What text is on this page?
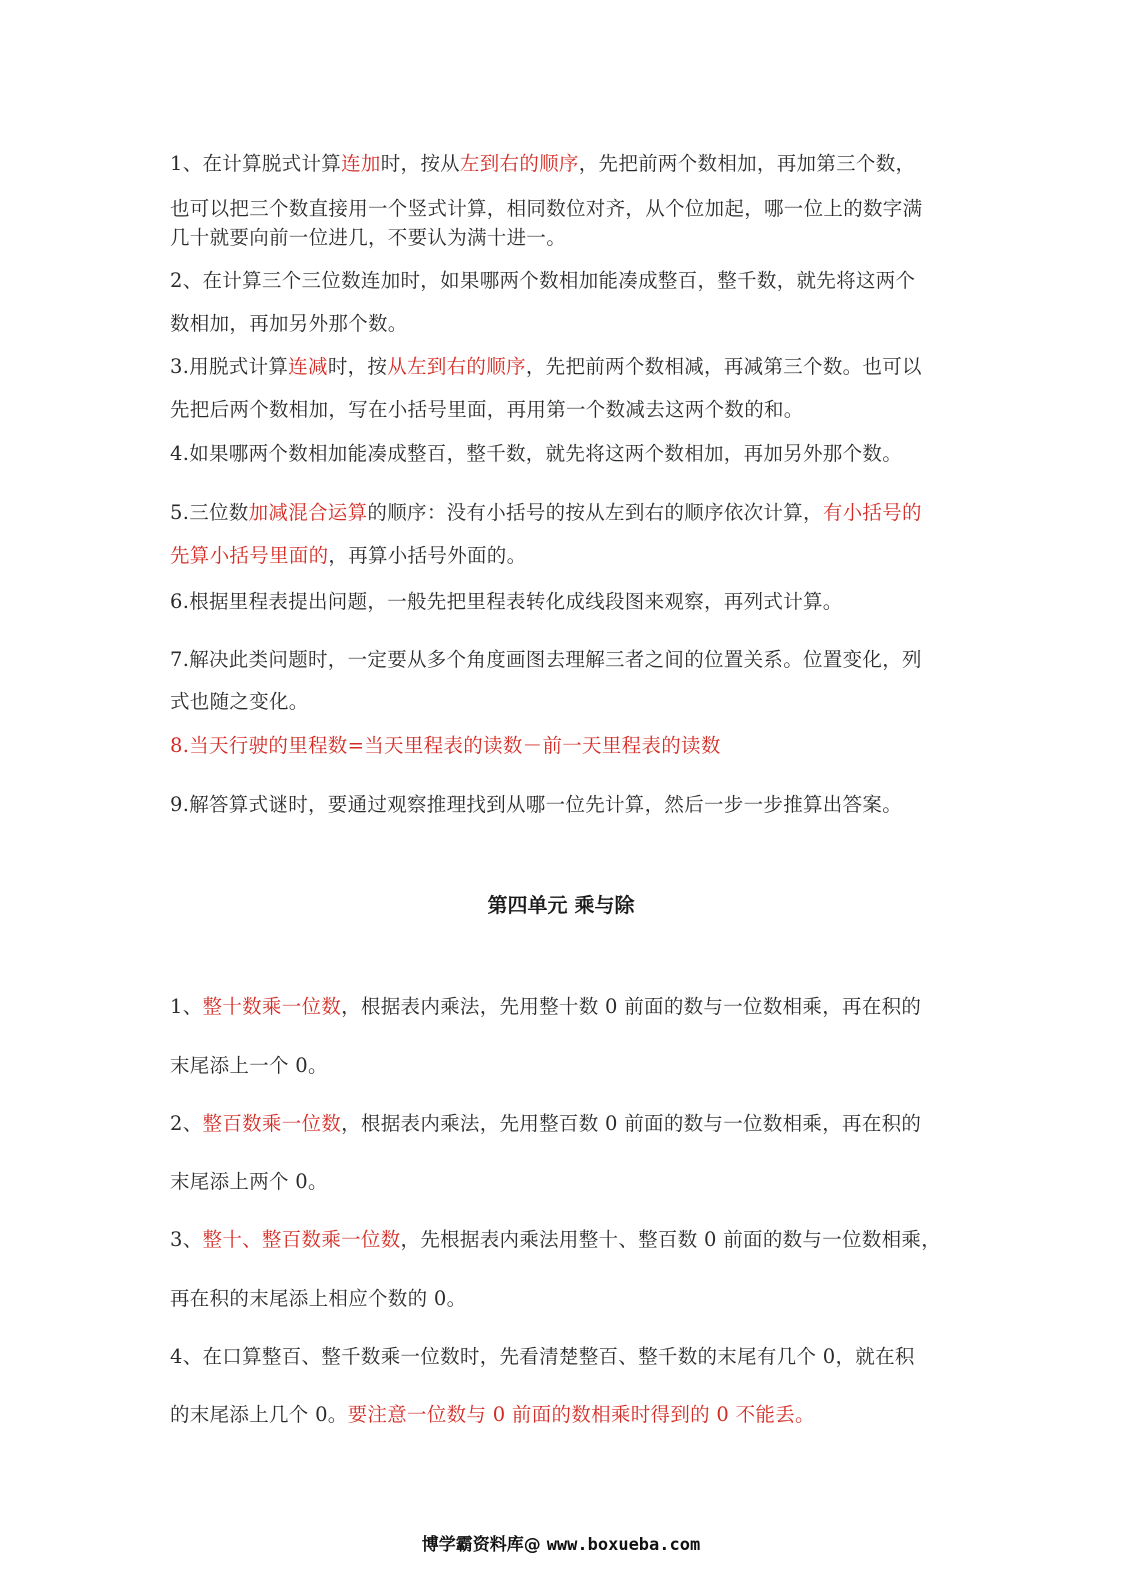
1、在计算脱式计算连加时，按从左到右的顺序，先把前两个数相加，再加第三个数，
也可以把三个数直接用一个竖式计算，相同数位对齐，从个位加起，哪一位上的数字满
几十就要向前一位进几，不要认为满十进一。
2、在计算三个三位数连加时，如果哪两个数相加能凑成整百，整千数，就先将这两个
数相加，再加另外那个数。
3.用脱式计算连减时，按从左到右的顺序，先把前两个数相减，再减第三个数。也可以
先把后两个数相加，写在小括号里面，再用第一个数减去这两个数的和。
4.如果哪两个数相加能凑成整百，整千数，就先将这两个数相加，再加另外那个数。
5.三位数加减混合运算的顺序：没有小括号的按从左到右的顺序依次计算，有小括号的
先算小括号里面的，再算小括号外面的。
6.根据里程表提出问题，一般先把里程表转化成线段图来观察，再列式计算。
7.解决此类问题时，一定要从多个角度画图去理解三者之间的位置关系。位置变化，列
式也随之变化。
8.当天行驶的里程数=当天里程表的读数－前一天里程表的读数
9.解答算式谜时，要通过观察推理找到从哪一位先计算，然后一步一步推算出答案。
第四单元 乘与除
1、整十数乘一位数，根据表内乘法，先用整十数 0 前面的数与一位数相乘，再在积的
末尾添上一个 0。
2、整百数乘一位数，根据表内乘法，先用整百数 0 前面的数与一位数相乘，再在积的
末尾添上两个 0。
3、整十、整百数乘一位数，先根据表内乘法用整十、整百数 0 前面的数与一位数相乘，
再在积的末尾添上相应个数的 0。
4、在口算整百、整千数乘一位数时，先看清楚整百、整千数的末尾有几个 0，就在积
的末尾添上几个 0。要注意一位数与 0 前面的数相乘时得到的 0 不能丢。
博学霸资料库@ www.boxueba.com
